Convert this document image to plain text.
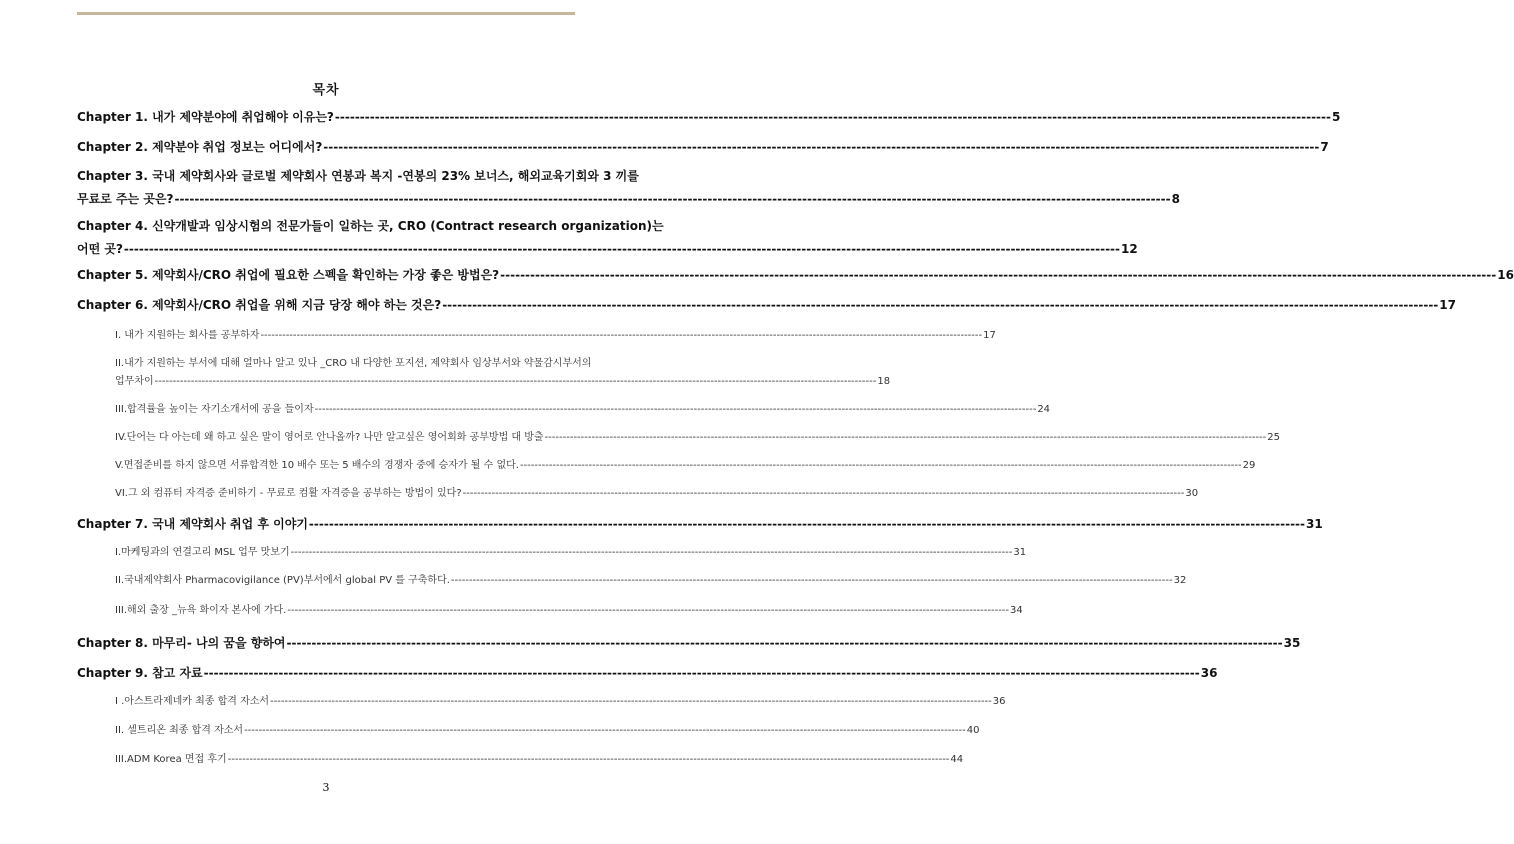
목차
Chapter 1. 내가 제약분야에 취업해야 이유는? -------------------------------------------------------------------------------------------------------------------------------------------------------------------------------------------------------- 5
Chapter 2. 제약분야 취업 정보는 어디에서? -------------------------------------------------------------------------------------------------------------------------------------------------------------------------------------------------------- 7
Chapter 3. 국내 제약회사와 글로벌 제약회사 연봉과 복지 -연봉의 23% 보너스, 해외교육기회와 3 끼를
무료로 주는 곳은? -------------------------------------------------------------------------------------------------------------------------------------------------------------------------------------------------------- 8
Chapter 4. 신약개발과 임상시험의 전문가들이 일하는 곳, CRO (Contract research organization)는
어떤 곳? -------------------------------------------------------------------------------------------------------------------------------------------------------------------------------------------------------- 12
Chapter 5. 제약회사/CRO 취업에 필요한 스펙을 확인하는 가장 좋은 방법은? -------------------------------------------------------------------------------------------------------------------------------------------------------------------------------------------------------- 16
Chapter 6. 제약회사/CRO 취업을 위해 지금 당장 해야 하는 것은? -------------------------------------------------------------------------------------------------------------------------------------------------------------------------------------------------------- 17
I. 내가 지원하는 회사를 공부하자 -------------------------------------------------------------------------------------------------------------------------------------------------------------------------------------------------------- 17
II.내가 지원하는 부서에 대해 얼마나 알고 있나 _CRO 내 다양한 포지션, 제약회사 임상부서와 약물감시부서의
업무차이 -------------------------------------------------------------------------------------------------------------------------------------------------------------------------------------------------------- 18
III.합격률을 높이는 자기소개서에 공을 들이자 -------------------------------------------------------------------------------------------------------------------------------------------------------------------------------------------------------- 24
IV.단어는 다 아는데 왜 하고 싶은 말이 영어로 안나올까? 나만 알고싶은 영어회화 공부방법 대 방출 -------------------------------------------------------------------------------------------------------------------------------------------------------------------------------------------------------- 25
V.면접준비를 하지 않으면 서류합격한 10 배수 또는 5 배수의 경쟁자 중에 승자가 될 수 없다. -------------------------------------------------------------------------------------------------------------------------------------------------------------------------------------------------------- 29
VI.그 외 컴퓨터 자격증 준비하기 - 무료로 컴활 자격증을 공부하는 방법이 있다? -------------------------------------------------------------------------------------------------------------------------------------------------------------------------------------------------------- 30
Chapter 7. 국내 제약회사 취업 후 이야기 -------------------------------------------------------------------------------------------------------------------------------------------------------------------------------------------------------- 31
I.마케팅과의 연결고리 MSL 업무 맛보기 -------------------------------------------------------------------------------------------------------------------------------------------------------------------------------------------------------- 31
II.국내제약회사 Pharmacovigilance (PV)부서에서 global PV 를 구축하다. -------------------------------------------------------------------------------------------------------------------------------------------------------------------------------------------------------- 32
III.해외 출장 _뉴욕 화이자 본사에 가다. -------------------------------------------------------------------------------------------------------------------------------------------------------------------------------------------------------- 34
Chapter 8. 마무리- 나의 꿈을 향하여 -------------------------------------------------------------------------------------------------------------------------------------------------------------------------------------------------------- 35
Chapter 9. 참고 자료 -------------------------------------------------------------------------------------------------------------------------------------------------------------------------------------------------------- 36
I .아스트라제네카 최종 합격 자소서 -------------------------------------------------------------------------------------------------------------------------------------------------------------------------------------------------------- 36
II. 셀트리온 최종 합격 자소서 -------------------------------------------------------------------------------------------------------------------------------------------------------------------------------------------------------- 40
III.ADM Korea 면접 후기 -------------------------------------------------------------------------------------------------------------------------------------------------------------------------------------------------------- 44
3
